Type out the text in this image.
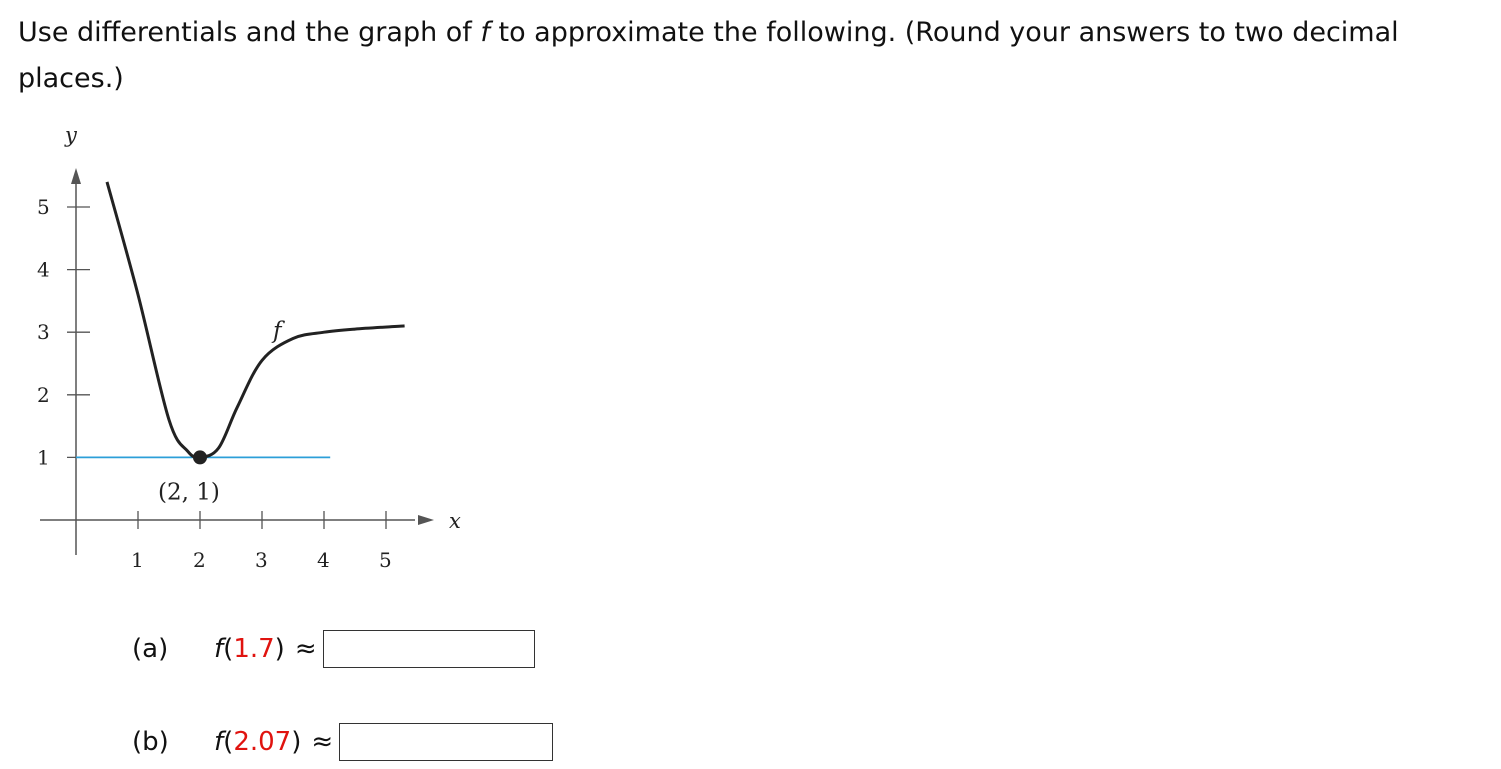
Use differentials and the graph of f to approximate the following. (Round your answers to two decimal places.)

x
y
1 2 3 4 5
1
2
3
4
5
(2, 1)
f
(a)	f ( 1.7 ) ≈
(b)	f ( 2.07 ) ≈
